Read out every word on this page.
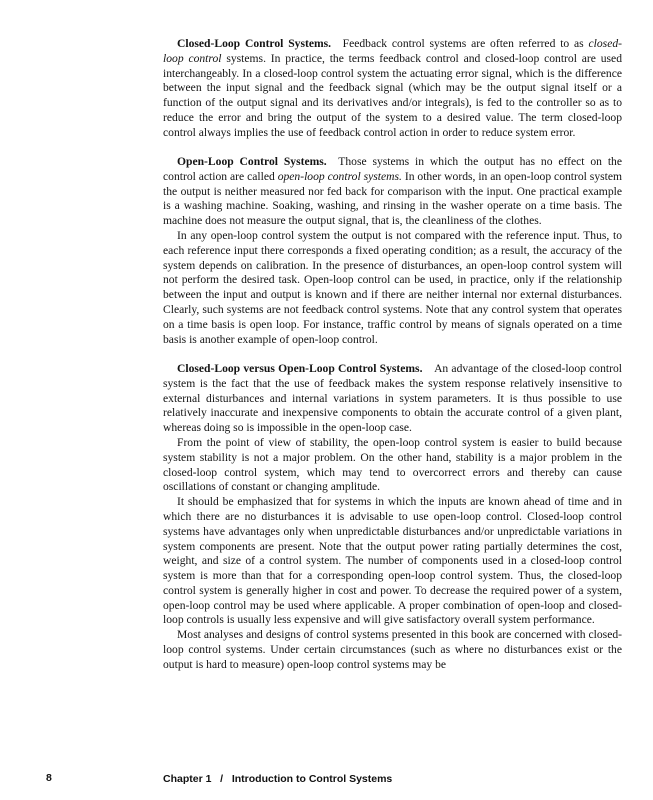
Closed-Loop Control Systems. Feedback control systems are often referred to as closed-loop control systems. In practice, the terms feedback control and closed-loop control are used interchangeably. In a closed-loop control system the actuating error signal, which is the difference between the input signal and the feedback signal (which may be the output signal itself or a function of the output signal and its derivatives and/or integrals), is fed to the controller so as to reduce the error and bring the output of the system to a desired value. The term closed-loop control always implies the use of feedback control action in order to reduce system error.

Open-Loop Control Systems. Those systems in which the output has no effect on the control action are called open-loop control systems. In other words, in an open-loop control system the output is neither measured nor fed back for comparison with the input. One practical example is a washing machine. Soaking, washing, and rinsing in the washer operate on a time basis. The machine does not measure the output signal, that is, the cleanliness of the clothes.

In any open-loop control system the output is not compared with the reference input. Thus, to each reference input there corresponds a fixed operating condition; as a result, the accuracy of the system depends on calibration. In the presence of disturbances, an open-loop control system will not perform the desired task. Open-loop control can be used, in practice, only if the relationship between the input and output is known and if there are neither internal nor external disturbances. Clearly, such systems are not feedback control systems. Note that any control system that operates on a time basis is open loop. For instance, traffic control by means of signals operated on a time basis is another example of open-loop control.

Closed-Loop versus Open-Loop Control Systems. An advantage of the closed-loop control system is the fact that the use of feedback makes the system response relatively insensitive to external disturbances and internal variations in system parameters. It is thus possible to use relatively inaccurate and inexpensive components to obtain the accurate control of a given plant, whereas doing so is impossible in the open-loop case.

From the point of view of stability, the open-loop control system is easier to build because system stability is not a major problem. On the other hand, stability is a major problem in the closed-loop control system, which may tend to overcorrect errors and thereby can cause oscillations of constant or changing amplitude.

It should be emphasized that for systems in which the inputs are known ahead of time and in which there are no disturbances it is advisable to use open-loop control. Closed-loop control systems have advantages only when unpredictable disturbances and/or unpredictable variations in system components are present. Note that the output power rating partially determines the cost, weight, and size of a control system. The number of components used in a closed-loop control system is more than that for a corresponding open-loop control system. Thus, the closed-loop control system is generally higher in cost and power. To decrease the required power of a system, open-loop control may be used where applicable. A proper combination of open-loop and closed-loop controls is usually less expensive and will give satisfactory overall system performance.

Most analyses and designs of control systems presented in this book are concerned with closed-loop control systems. Under certain circumstances (such as where no disturbances exist or the output is hard to measure) open-loop control systems may be

8	Chapter 1   /   Introduction to Control Systems
